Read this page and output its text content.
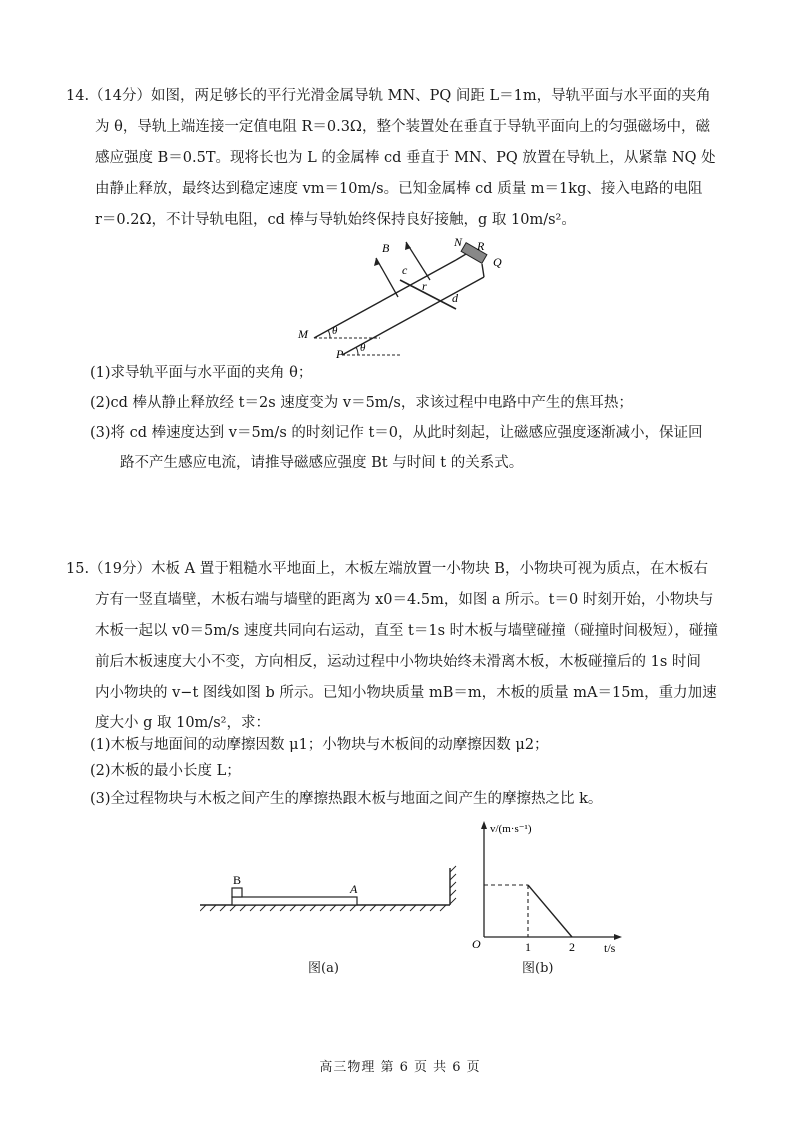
14.（14分）如图，两足够长的平行光滑金属导轨 MN、PQ 间距 L＝1m，导轨平面与水平面的夹角
为 θ，导轨上端连接一定值电阻 R＝0.3Ω，整个装置处在垂直于导轨平面向上的匀强磁场中，磁
感应强度 B＝0.5T。现将长也为 L 的金属棒 cd 垂直于 MN、PQ 放置在导轨上，从紧靠 NQ 处
由静止释放，最终达到稳定速度 vm＝10m/s。已知金属棒 cd 质量 m＝1kg、接入电路的电阻
r＝0.2Ω，不计导轨电阻，cd 棒与导轨始终保持良好接触，g 取 10m/s²。
B	N R
Q
c
r
d
M
P
θ
θ
(1)求导轨平面与水平面的夹角 θ；
(2)cd 棒从静止释放经 t＝2s 速度变为 v＝5m/s，求该过程中电路中产生的焦耳热；
(3)将 cd 棒速度达到 v＝5m/s 的时刻记作 t＝0，从此时刻起，让磁感应强度逐渐减小，保证回
路不产生感应电流，请推导磁感应强度 Bt 与时间 t 的关系式。
15.（19分）木板 A 置于粗糙水平地面上，木板左端放置一小物块 B，小物块可视为质点，在木板右
方有一竖直墙壁，木板右端与墙壁的距离为 x0＝4.5m，如图 a 所示。t＝0 时刻开始，小物块与
木板一起以 v0＝5m/s 速度共同向右运动，直至 t＝1s 时木板与墙壁碰撞（碰撞时间极短），碰撞
前后木板速度大小不变，方向相反，运动过程中小物块始终未滑离木板，木板碰撞后的 1s 时间
内小物块的 v−t 图线如图 b 所示。已知小物块质量 mB＝m，木板的质量 mA＝15m，重力加速
度大小 g 取 10m/s²，求：
(1)木板与地面间的动摩擦因数 μ1；小物块与木板间的动摩擦因数 μ2；
(2)木板的最小长度 L；
(3)全过程物块与木板之间产生的摩擦热跟木板与地面之间产生的摩擦热之比 k。
B
A
图(a)
v/(m·s⁻¹)
t/s
O	1	2
图(b)
高三物理 第 6 页 共 6 页
